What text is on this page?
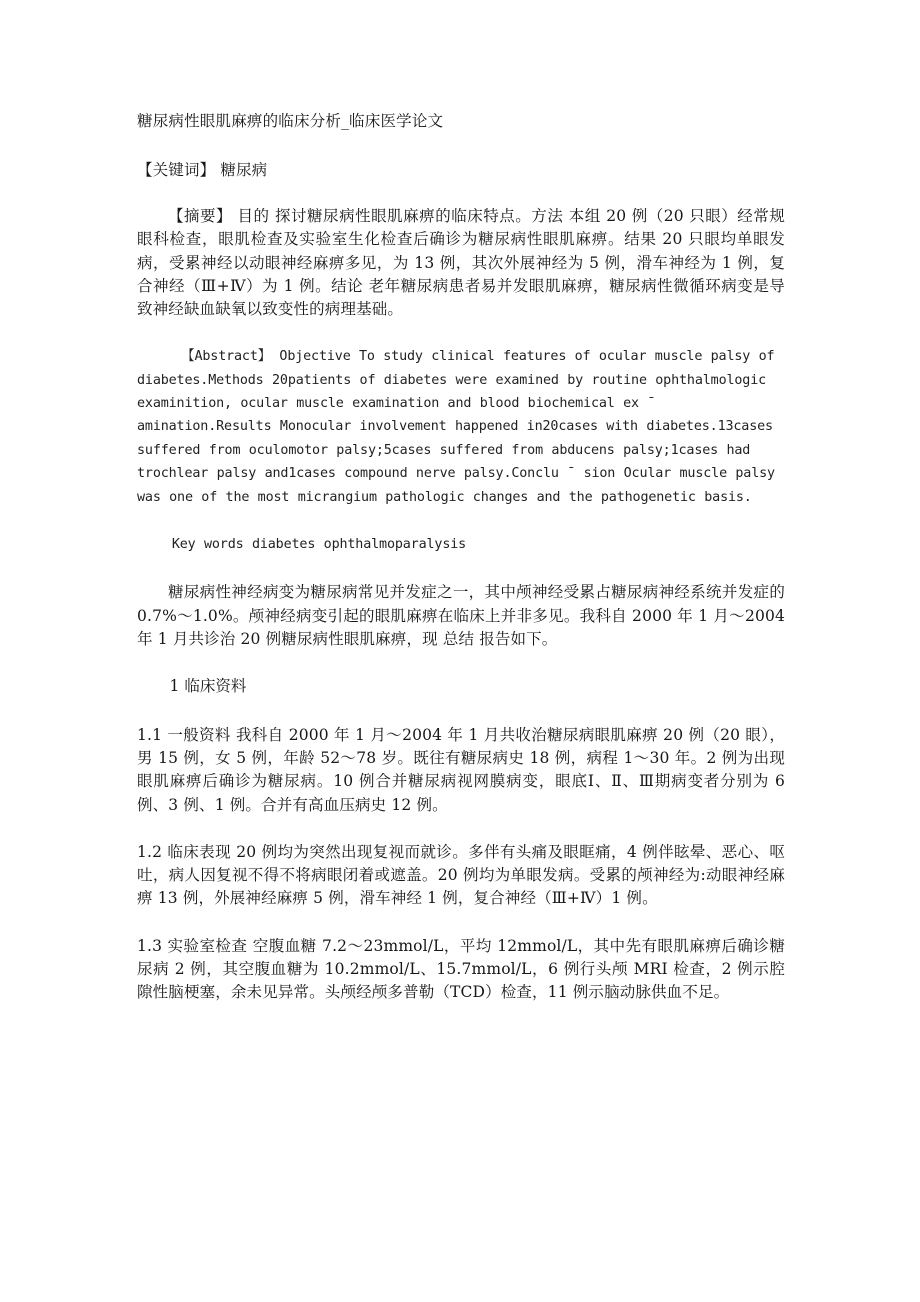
糖尿病性眼肌麻痹的临床分析_临床医学论文

【关键词】 糖尿病

【摘要】 目的 探讨糖尿病性眼肌麻痹的临床特点。方法 本组 20 例（20 只眼）经常规眼科检查，眼肌检查及实验室生化检查后确诊为糖尿病性眼肌麻痹。结果 20 只眼均单眼发病，受累神经以动眼神经麻痹多见，为 13 例，其次外展神经为 5 例，滑车神经为 1 例，复合神经（Ⅲ+Ⅳ）为 1 例。结论 老年糖尿病患者易并发眼肌麻痹，糖尿病性微循环病变是导致神经缺血缺氧以致变性的病理基础。

【Abstract】 Objective To study clinical features of ocular muscle palsy of diabetes.Methods 20patients of diabetes were examined by routine ophthalmologic examinition, ocular muscle examination and blood biochemical ex ¯ amination.Results Monocular involvement happened in20cases with diabetes.13cases suffered from oculomotor palsy;5cases suffered from abducens palsy;1cases had trochlear palsy and1cases compound nerve palsy.Conclu ¯ sion Ocular muscle palsy was one of the most micrangium pathologic changes and the pathogenetic basis.

Key words diabetes ophthalmoparalysis

糖尿病性神经病变为糖尿病常见并发症之一，其中颅神经受累占糖尿病神经系统并发症的 0.7%～1.0%。颅神经病变引起的眼肌麻痹在临床上并非多见。我科自 2000 年 1 月～2004 年 1 月共诊治 20 例糖尿病性眼肌麻痹，现 总结 报告如下。

1 临床资料

1.1 一般资料 我科自 2000 年 1 月～2004 年 1 月共收治糖尿病眼肌麻痹 20 例（20 眼），男 15 例，女 5 例，年龄 52～78 岁。既往有糖尿病史 18 例，病程 1～30 年。2 例为出现眼肌麻痹后确诊为糖尿病。10 例合并糖尿病视网膜病变，眼底Ⅰ、Ⅱ、Ⅲ期病变者分别为 6 例、3 例、1 例。合并有高血压病史 12 例。

1.2 临床表现 20 例均为突然出现复视而就诊。多伴有头痛及眼眶痛，4 例伴眩晕、恶心、呕吐，病人因复视不得不将病眼闭着或遮盖。20 例均为单眼发病。受累的颅神经为:动眼神经麻痹 13 例，外展神经麻痹 5 例，滑车神经 1 例，复合神经（Ⅲ+Ⅳ）1 例。

1.3 实验室检查 空腹血糖 7.2～23mmol/L，平均 12mmol/L，其中先有眼肌麻痹后确诊糖尿病 2 例，其空腹血糖为 10.2mmol/L、15.7mmol/L，6 例行头颅 MRI 检查，2 例示腔隙性脑梗塞，余未见异常。头颅经颅多普勒（TCD）检查，11 例示脑动脉供血不足。
